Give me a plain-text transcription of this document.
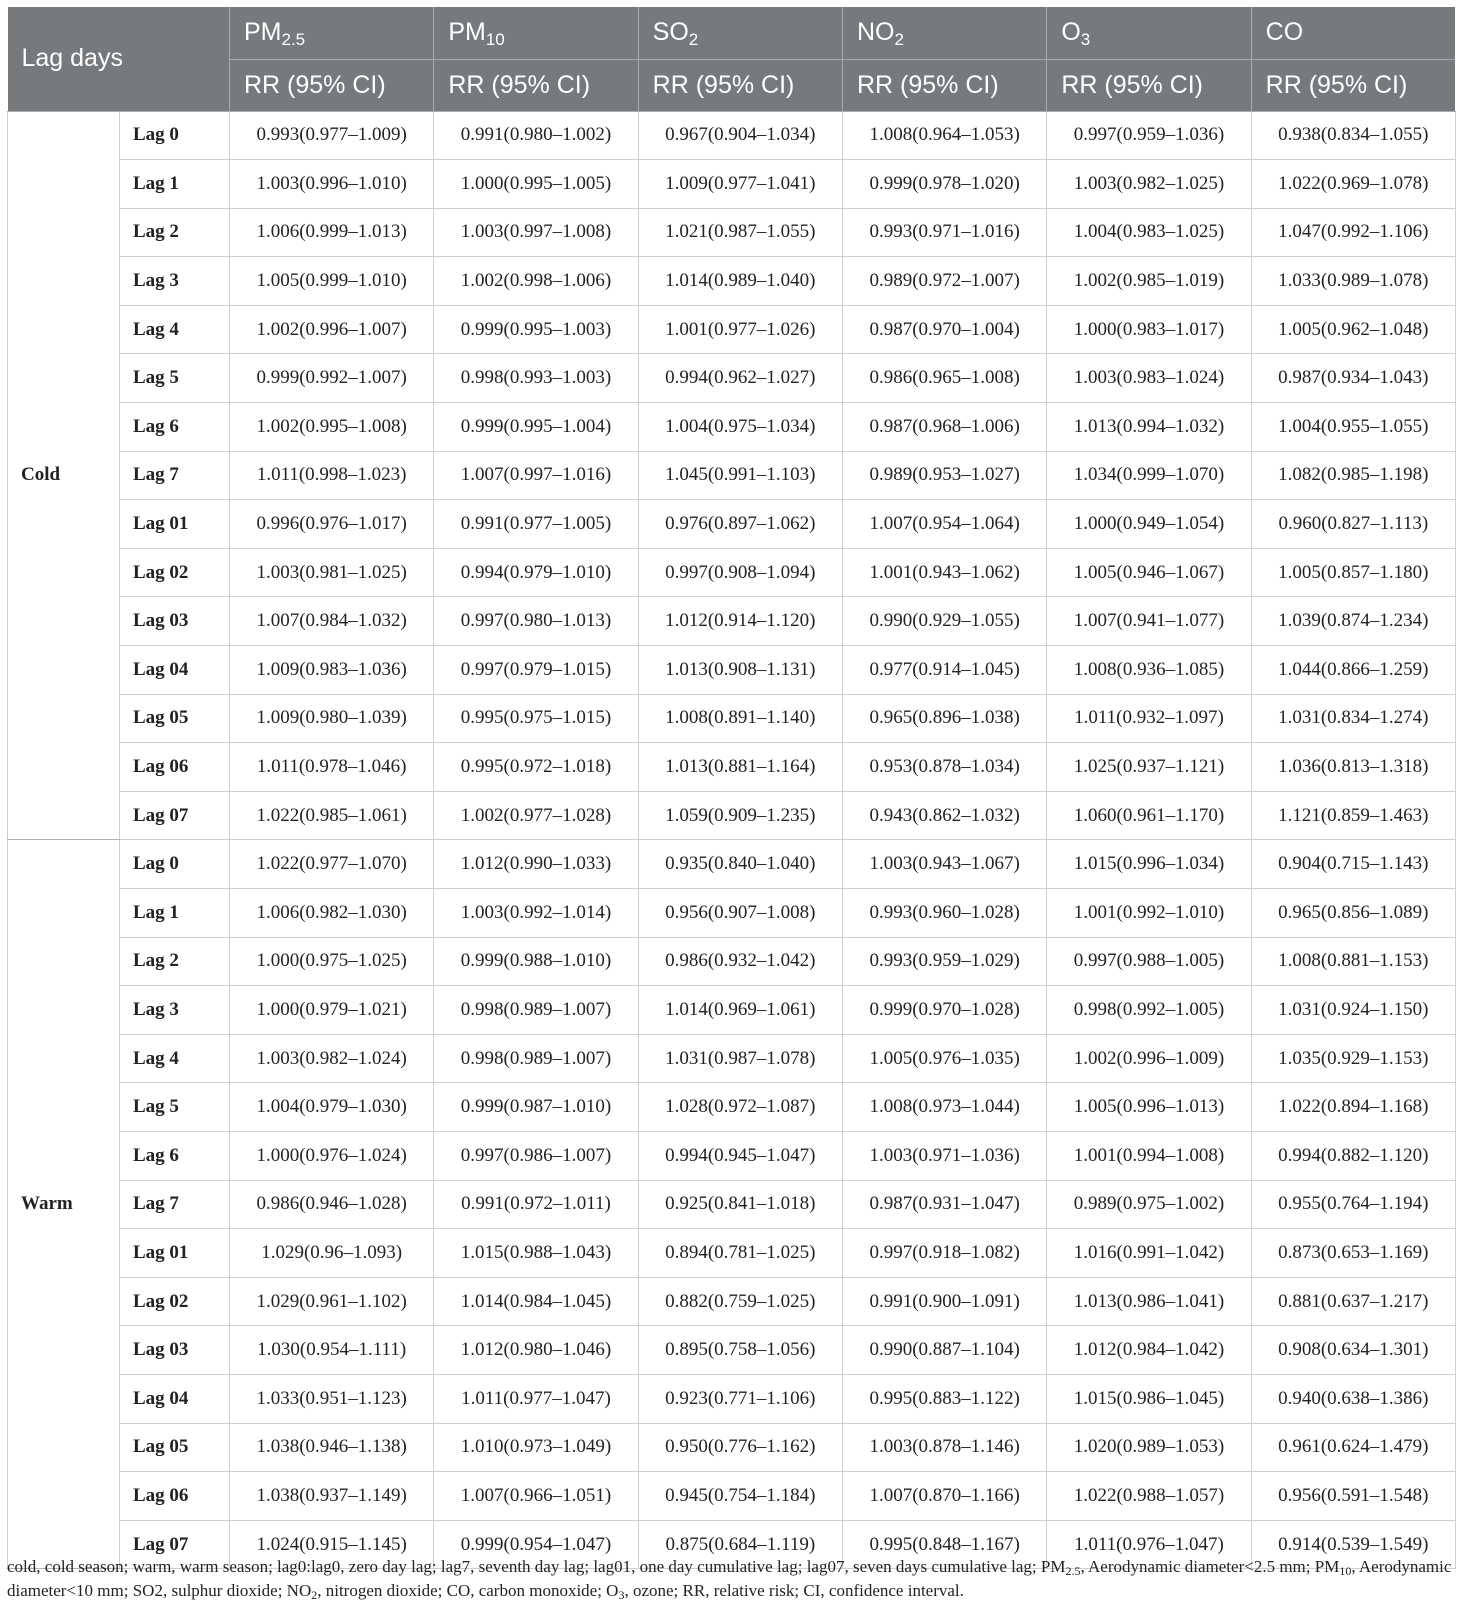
Lag days		$PM_{2.5}$	$PM_{10}$	$SO_2$	$NO_2$	$O_3$	CO
		RR (95% CI)	RR (95% CI)	RR (95% CI)	RR (95% CI)	RR (95% CI)	RR (95% CI)
Cold	Lag 0	0.993(0.977–1.009)	0.991(0.980–1.002)	0.967(0.904–1.034)	1.008(0.964–1.053)	0.997(0.959–1.036)	0.938(0.834–1.055)
	Lag 1	1.003(0.996–1.010)	1.000(0.995–1.005)	1.009(0.977–1.041)	0.999(0.978–1.020)	1.003(0.982–1.025)	1.022(0.969–1.078)
	Lag 2	1.006(0.999–1.013)	1.003(0.997–1.008)	1.021(0.987–1.055)	0.993(0.971–1.016)	1.004(0.983–1.025)	1.047(0.992–1.106)
	Lag 3	1.005(0.999–1.010)	1.002(0.998–1.006)	1.014(0.989–1.040)	0.989(0.972–1.007)	1.002(0.985–1.019)	1.033(0.989–1.078)
	Lag 4	1.002(0.996–1.007)	0.999(0.995–1.003)	1.001(0.977–1.026)	0.987(0.970–1.004)	1.000(0.983–1.017)	1.005(0.962–1.048)
	Lag 5	0.999(0.992–1.007)	0.998(0.993–1.003)	0.994(0.962–1.027)	0.986(0.965–1.008)	1.003(0.983–1.024)	0.987(0.934–1.043)
	Lag 6	1.002(0.995–1.008)	0.999(0.995–1.004)	1.004(0.975–1.034)	0.987(0.968–1.006)	1.013(0.994–1.032)	1.004(0.955–1.055)
	Lag 7	1.011(0.998–1.023)	1.007(0.997–1.016)	1.045(0.991–1.103)	0.989(0.953–1.027)	1.034(0.999–1.070)	1.082(0.985–1.198)
	Lag 01	0.996(0.976–1.017)	0.991(0.977–1.005)	0.976(0.897–1.062)	1.007(0.954–1.064)	1.000(0.949–1.054)	0.960(0.827–1.113)
	Lag 02	1.003(0.981–1.025)	0.994(0.979–1.010)	0.997(0.908–1.094)	1.001(0.943–1.062)	1.005(0.946–1.067)	1.005(0.857–1.180)
	Lag 03	1.007(0.984–1.032)	0.997(0.980–1.013)	1.012(0.914–1.120)	0.990(0.929–1.055)	1.007(0.941–1.077)	1.039(0.874–1.234)
	Lag 04	1.009(0.983–1.036)	0.997(0.979–1.015)	1.013(0.908–1.131)	0.977(0.914–1.045)	1.008(0.936–1.085)	1.044(0.866–1.259)
	Lag 05	1.009(0.980–1.039)	0.995(0.975–1.015)	1.008(0.891–1.140)	0.965(0.896–1.038)	1.011(0.932–1.097)	1.031(0.834–1.274)
	Lag 06	1.011(0.978–1.046)	0.995(0.972–1.018)	1.013(0.881–1.164)	0.953(0.878–1.034)	1.025(0.937–1.121)	1.036(0.813–1.318)
	Lag 07	1.022(0.985–1.061)	1.002(0.977–1.028)	1.059(0.909–1.235)	0.943(0.862–1.032)	1.060(0.961–1.170)	1.121(0.859–1.463)
Warm	Lag 0	1.022(0.977–1.070)	1.012(0.990–1.033)	0.935(0.840–1.040)	1.003(0.943–1.067)	1.015(0.996–1.034)	0.904(0.715–1.143)
	Lag 1	1.006(0.982–1.030)	1.003(0.992–1.014)	0.956(0.907–1.008)	0.993(0.960–1.028)	1.001(0.992–1.010)	0.965(0.856–1.089)
	Lag 2	1.000(0.975–1.025)	0.999(0.988–1.010)	0.986(0.932–1.042)	0.993(0.959–1.029)	0.997(0.988–1.005)	1.008(0.881–1.153)
	Lag 3	1.000(0.979–1.021)	0.998(0.989–1.007)	1.014(0.969–1.061)	0.999(0.970–1.028)	0.998(0.992–1.005)	1.031(0.924–1.150)
	Lag 4	1.003(0.982–1.024)	0.998(0.989–1.007)	1.031(0.987–1.078)	1.005(0.976–1.035)	1.002(0.996–1.009)	1.035(0.929–1.153)
	Lag 5	1.004(0.979–1.030)	0.999(0.987–1.010)	1.028(0.972–1.087)	1.008(0.973–1.044)	1.005(0.996–1.013)	1.022(0.894–1.168)
	Lag 6	1.000(0.976–1.024)	0.997(0.986–1.007)	0.994(0.945–1.047)	1.003(0.971–1.036)	1.001(0.994–1.008)	0.994(0.882–1.120)
	Lag 7	0.986(0.946–1.028)	0.991(0.972–1.011)	0.925(0.841–1.018)	0.987(0.931–1.047)	0.989(0.975–1.002)	0.955(0.764–1.194)
	Lag 01	1.029(0.96–1.093)	1.015(0.988–1.043)	0.894(0.781–1.025)	0.997(0.918–1.082)	1.016(0.991–1.042)	0.873(0.653–1.169)
	Lag 02	1.029(0.961–1.102)	1.014(0.984–1.045)	0.882(0.759–1.025)	0.991(0.900–1.091)	1.013(0.986–1.041)	0.881(0.637–1.217)
	Lag 03	1.030(0.954–1.111)	1.012(0.980–1.046)	0.895(0.758–1.056)	0.990(0.887–1.104)	1.012(0.984–1.042)	0.908(0.634–1.301)
	Lag 04	1.033(0.951–1.123)	1.011(0.977–1.047)	0.923(0.771–1.106)	0.995(0.883–1.122)	1.015(0.986–1.045)	0.940(0.638–1.386)
	Lag 05	1.038(0.946–1.138)	1.010(0.973–1.049)	0.950(0.776–1.162)	1.003(0.878–1.146)	1.020(0.989–1.053)	0.961(0.624–1.479)
	Lag 06	1.038(0.937–1.149)	1.007(0.966–1.051)	0.945(0.754–1.184)	1.007(0.870–1.166)	1.022(0.988–1.057)	0.956(0.591–1.548)
	Lag 07	1.024(0.915–1.145)	0.999(0.954–1.047)	0.875(0.684–1.119)	0.995(0.848–1.167)	1.011(0.976–1.047)	0.914(0.539–1.549)
cold, cold season; warm, warm season; lag0:lag0, zero day lag; lag7, seventh day lag; lag01, one day cumulative lag; lag07, seven days cumulative lag; $PM_{2.5}$, Aerodynamic diameter<2.5 mm; $PM_{10}$, Aerodynamic diameter<10 mm; SO2, sulphur dioxide; $NO_2$, nitrogen dioxide; CO, carbon monoxide; $O_3$, ozone; RR, relative risk; CI, confidence interval.
